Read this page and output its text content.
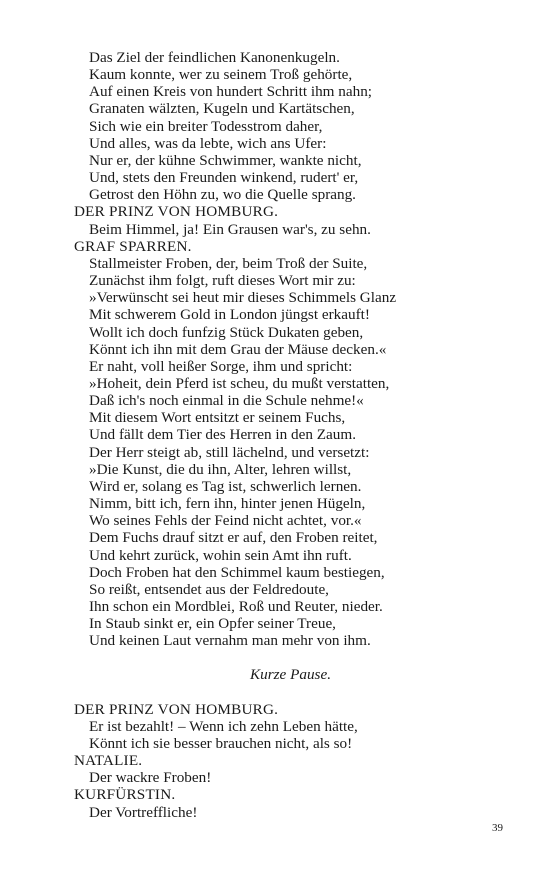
Das Ziel der feindlichen Kanonenkugeln.
Kaum konnte, wer zu seinem Troß gehörte,
Auf einen Kreis von hundert Schritt ihm nahn;
Granaten wälzten, Kugeln und Kartätschen,
Sich wie ein breiter Todesstrom daher,
Und alles, was da lebte, wich ans Ufer:
Nur er, der kühne Schwimmer, wankte nicht,
Und, stets den Freunden winkend, rudert' er,
Getrost den Höhn zu, wo die Quelle sprang.
DER PRINZ VON HOMBURG.
Beim Himmel, ja! Ein Grausen war's, zu sehn.
GRAF SPARREN.
Stallmeister Froben, der, beim Troß der Suite,
Zunächst ihm folgt, ruft dieses Wort mir zu:
»Verwünscht sei heut mir dieses Schimmels Glanz
Mit schwerem Gold in London jüngst erkauft!
Wollt ich doch funfzig Stück Dukaten geben,
Könnt ich ihn mit dem Grau der Mäuse decken.«
Er naht, voll heißer Sorge, ihm und spricht:
»Hoheit, dein Pferd ist scheu, du mußt verstatten,
Daß ich's noch einmal in die Schule nehme!«
Mit diesem Wort entsitzt er seinem Fuchs,
Und fällt dem Tier des Herren in den Zaum.
Der Herr steigt ab, still lächelnd, und versetzt:
»Die Kunst, die du ihn, Alter, lehren willst,
Wird er, solang es Tag ist, schwerlich lernen.
Nimm, bitt ich, fern ihn, hinter jenen Hügeln,
Wo seines Fehls der Feind nicht achtet, vor.«
Dem Fuchs drauf sitzt er auf, den Froben reitet,
Und kehrt zurück, wohin sein Amt ihn ruft.
Doch Froben hat den Schimmel kaum bestiegen,
So reißt, entsendet aus der Feldredoute,
Ihn schon ein Mordblei, Roß und Reuter, nieder.
In Staub sinkt er, ein Opfer seiner Treue,
Und keinen Laut vernahm man mehr von ihm.
Kurze Pause.
DER PRINZ VON HOMBURG.
Er ist bezahlt! – Wenn ich zehn Leben hätte,
Könnt ich sie besser brauchen nicht, als so!
NATALIE.
Der wackre Froben!
KURFÜRSTIN.
Der Vortreffliche!
39
